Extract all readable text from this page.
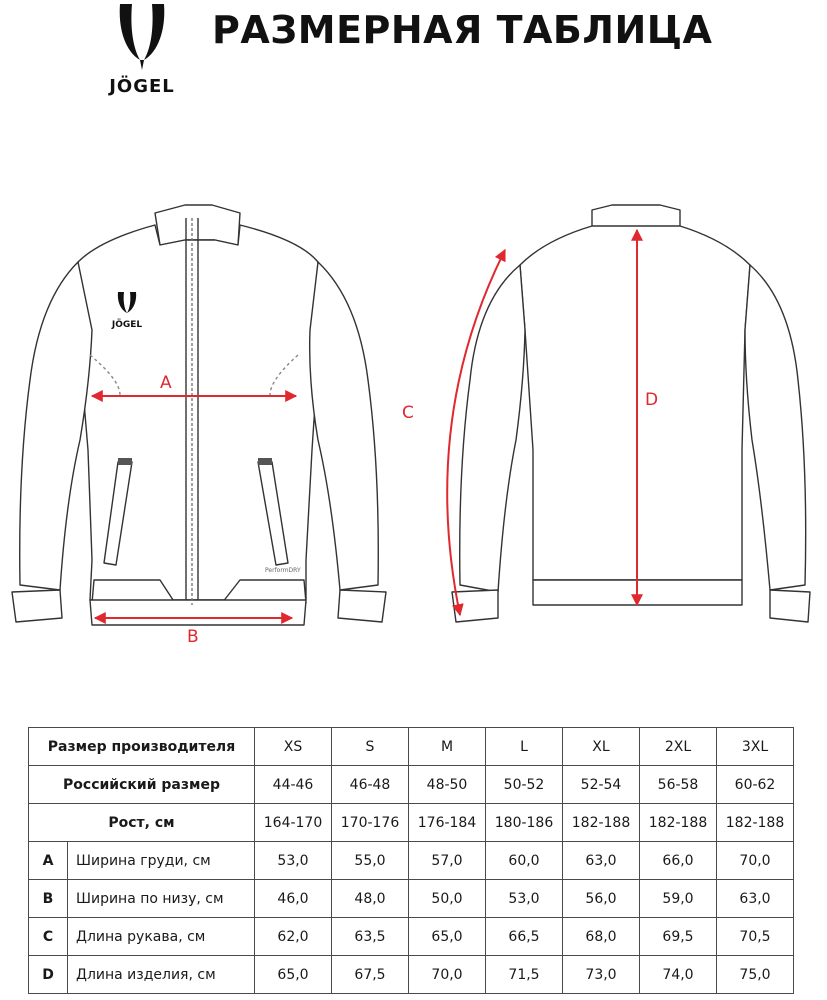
JÖGEL
РАЗМЕРНАЯ ТАБЛИЦА
JÖGEL
PerformDRY
A
B
C
D
Размер производителя		XS	S	M	L	XL	2XL	3XL
Российский размер		44-46	46-48	48-50	50-52	52-54	56-58	60-62
Рост, см		164-170	170-176	176-184	180-186	182-188	182-188	182-188
A	Ширина груди, см	53,0	55,0	57,0	60,0	63,0	66,0	70,0
B	Ширина по низу, см	46,0	48,0	50,0	53,0	56,0	59,0	63,0
C	Длина рукава, см	62,0	63,5	65,0	66,5	68,0	69,5	70,5
D	Длина изделия, см	65,0	67,5	70,0	71,5	73,0	74,0	75,0
